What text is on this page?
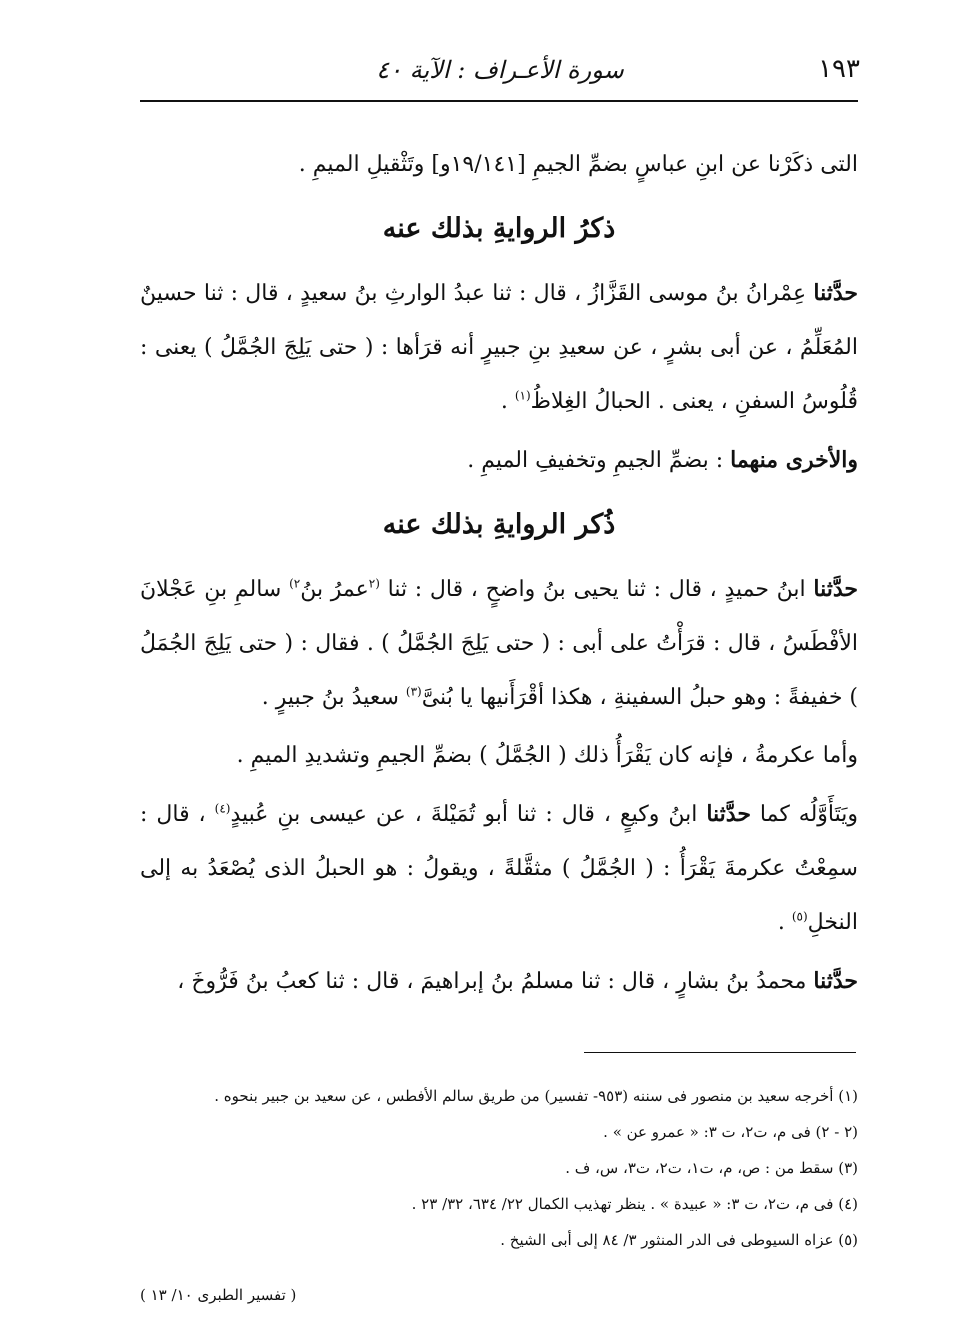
١٩٣
سورة الأعـراف : الآية ٤٠

التى ذكَرْنا عن ابنِ عباسٍ بضمِّ الجيمِ [١٩/١٤١و] وتَثْقيلِ الميمِ .

ذكرُ الروايةِ بذلك عنه

حدَّثنا عِمْرانُ بنُ موسى القَزَّازُ ، قال : ثنا عبدُ الوارثِ بنُ سعيدٍ ، قال : ثنا حسينٌ المُعَلِّمُ ، عن أبى بشرٍ ، عن سعيدِ بنِ جبيرٍ أنه قرَأها : ( حتى يَلِجَ الجُمَّلُ ) يعنى : قُلُوسُ السفنِ ، يعنى . الحبالُ الغِلاظُ$^{(١)}$ .

والأخرى منهما : بضمِّ الجيمِ وتخفيفِ الميمِ .

ذُكر الروايةِ بذلك عنه

حدَّثنا ابنُ حميدٍ ، قال : ثنا يحيى بنُ واضحٍ ، قال : ثنا $^{(٢}$عمرُ بنُ$^{٢)}$ سالمِ بنِ عَجْلانَ الأفْطَسُ ، قال : قرَأْتُ على أبى : ( حتى يَلِجَ الجُمَّلُ ) . فقال : ( حتى يَلِجَ الجُمَلُ ) خفيفةً : وهو حبلُ السفينةِ ، هكذا أقْرَأَنيها يا بُنىَّ$^{(٣)}$ سعيدُ بنُ جبيرٍ .

وأما عكرمةُ ، فإنه كان يَقْرَأُ ذلك ( الجُمَّلُ ) بضمِّ الجيمِ وتشديدِ الميمِ .

ويَتَأَوَّلُه كما حدَّثنا ابنُ وكيعٍ ، قال : ثنا أبو تُمَيْلةَ ، عن عيسى بنِ عُبيدٍ$^{(٤)}$ ، قال : سمِعْتُ عكرمةَ يَقْرَأُ : ( الجُمَّلُ ) مثقَّلةً ، ويقولُ : هو الحبلُ الذى يُصْعَدُ به إلى النخلِ$^{(٥)}$ .

حدَّثنا محمدُ بنُ بشارٍ ، قال : ثنا مسلمُ بنُ إبراهيمَ ، قال : ثنا كعبُ بنُ فَرُّوخَ ،

(١) أخرجه سعيد بن منصور فى سننه (٩٥٣- تفسير) من طريق سالم الأفطس ، عن سعيد بن جبير بنحوه .

(٢ - ٢) فى م، ت٢، ت ٣: « عمرو عن » .

(٣) سقط من : ص، م، ت١، ت٢، ت٣، س، ف .

(٤) فى م، ت٢، ت ٣: « عبيدة » . ينظر تهذيب الكمال ٢٢/ ٦٣٤، ٣٢/ ٢٣ .

(٥) عزاه السيوطى فى الدر المنثور ٣/ ٨٤ إلى أبى الشيخ .

( تفسير الطبرى ١٠/ ١٣ )
